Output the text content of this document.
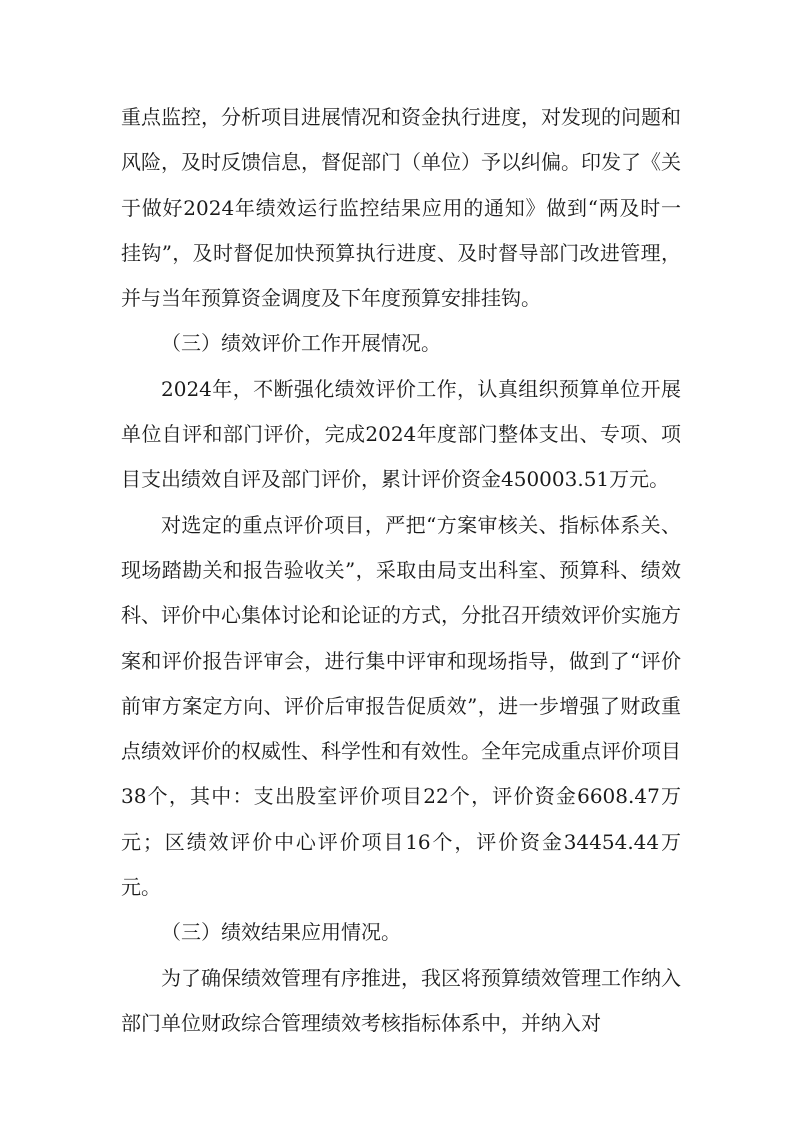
重点监控，分析项目进展情况和资金执行进度，对发现的问题和风险，及时反馈信息，督促部门（单位）予以纠偏。印发了《关于做好2024年绩效运行监控结果应用的通知》做到“两及时一挂钩”，及时督促加快预算执行进度、及时督导部门改进管理，并与当年预算资金调度及下年度预算安排挂钩。

（三）绩效评价工作开展情况。

2024年，不断强化绩效评价工作，认真组织预算单位开展单位自评和部门评价，完成2024年度部门整体支出、专项、项目支出绩效自评及部门评价，累计评价资金450003.51万元。

对选定的重点评价项目，严把“方案审核关、指标体系关、现场踏勘关和报告验收关”，采取由局支出科室、预算科、绩效科、评价中心集体讨论和论证的方式，分批召开绩效评价实施方案和评价报告评审会，进行集中评审和现场指导，做到了“评价前审方案定方向、评价后审报告促质效”，进一步增强了财政重点绩效评价的权威性、科学性和有效性。全年完成重点评价项目38个，其中：支出股室评价项目22个，评价资金6608.47万元；区绩效评价中心评价项目16个，评价资金34454.44万元。

（三）绩效结果应用情况。

为了确保绩效管理有序推进，我区将预算绩效管理工作纳入部门单位财政综合管理绩效考核指标体系中，并纳入对
